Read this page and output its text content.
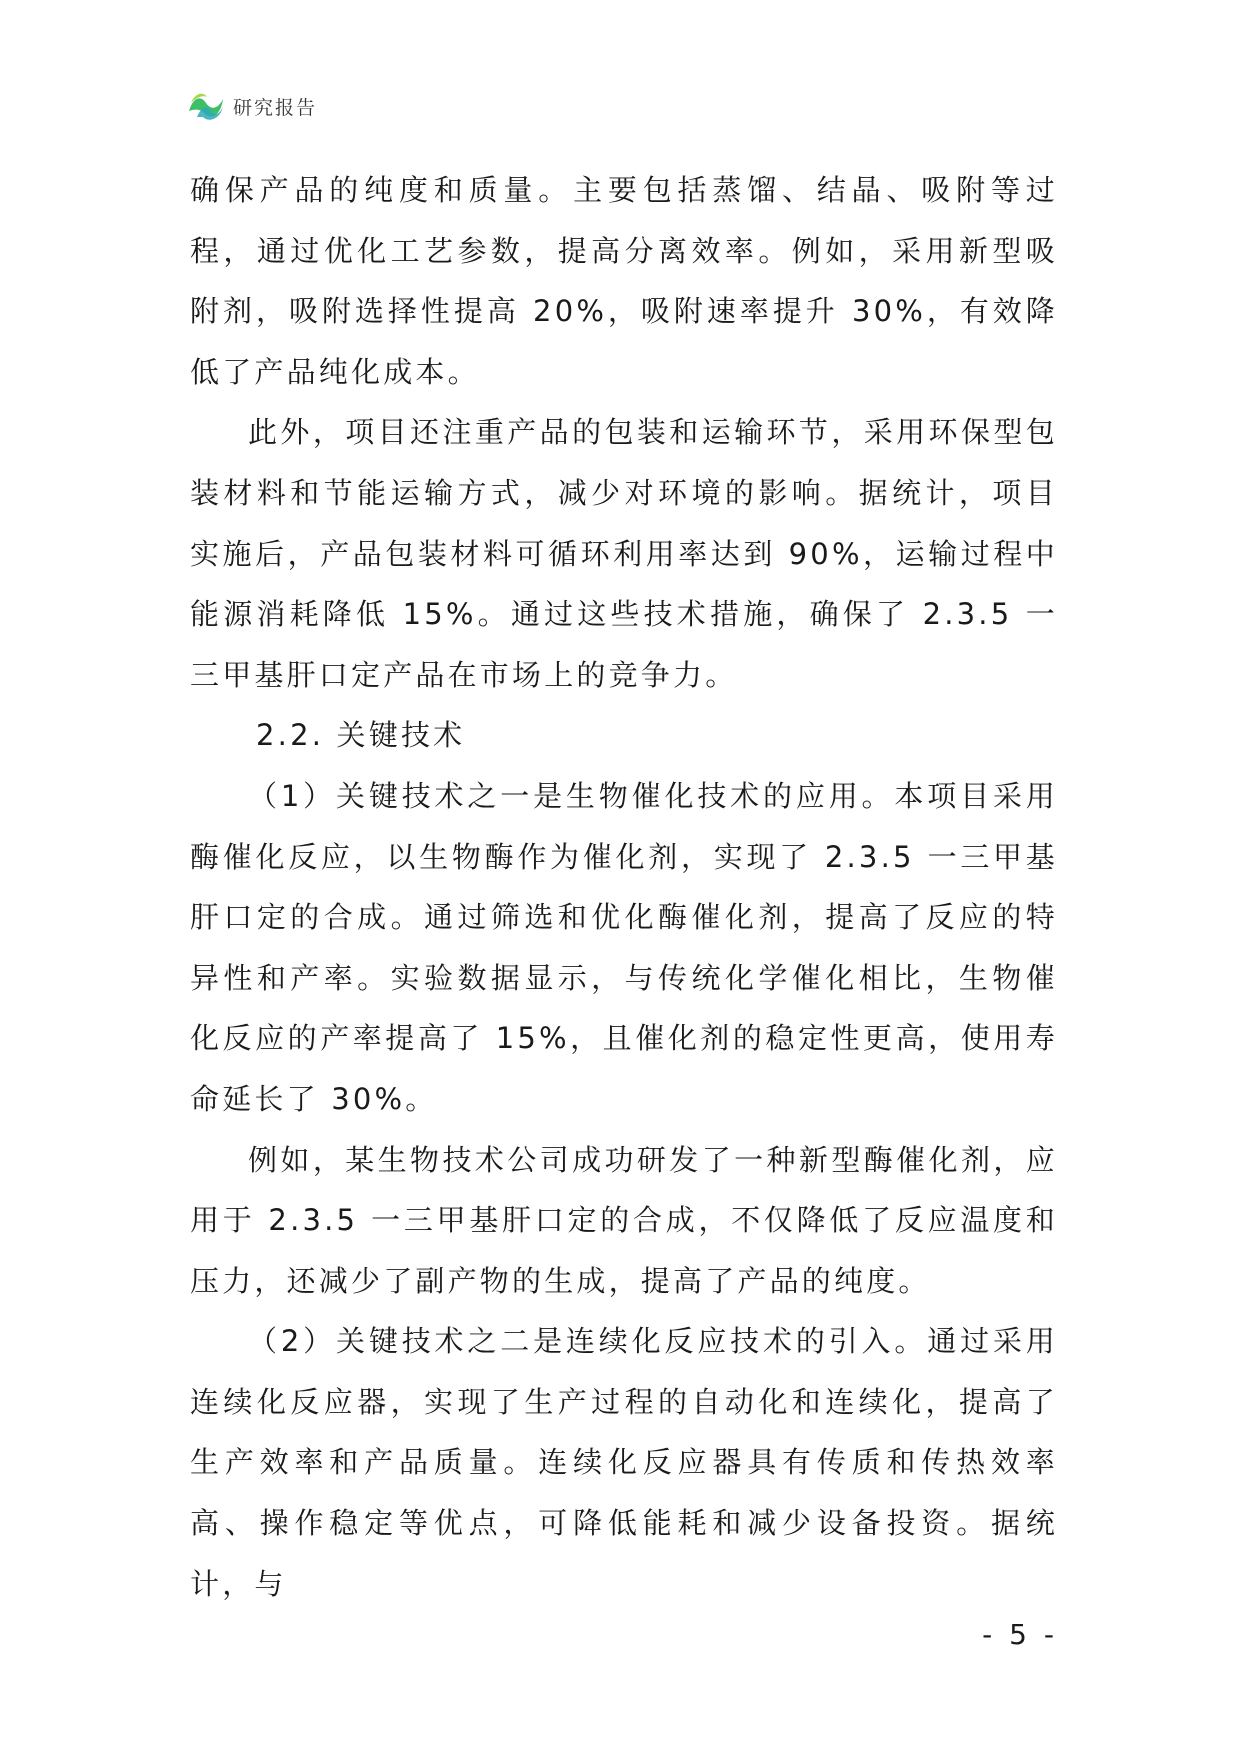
研究报告

确保产品的纯度和质量。主要包括蒸馏、结晶、吸附等过程，通过优化工艺参数，提高分离效率。例如，采用新型吸附剂，吸附选择性提高 20%，吸附速率提升 30%，有效降低了产品纯化成本。

此外，项目还注重产品的包装和运输环节，采用环保型包装材料和节能运输方式，减少对环境的影响。据统计，项目实施后，产品包装材料可循环利用率达到 90%，运输过程中能源消耗降低 15%。通过这些技术措施，确保了 2.3.5 一三甲基肝口定产品在市场上的竞争力。

2.2. 关键技术

（1）关键技术之一是生物催化技术的应用。本项目采用酶催化反应，以生物酶作为催化剂，实现了 2.3.5 一三甲基肝口定的合成。通过筛选和优化酶催化剂，提高了反应的特异性和产率。实验数据显示，与传统化学催化相比，生物催化反应的产率提高了 15%，且催化剂的稳定性更高，使用寿命延长了 30%。

例如，某生物技术公司成功研发了一种新型酶催化剂，应用于 2.3.5 一三甲基肝口定的合成，不仅降低了反应温度和压力，还减少了副产物的生成，提高了产品的纯度。

（2）关键技术之二是连续化反应技术的引入。通过采用连续化反应器，实现了生产过程的自动化和连续化，提高了生产效率和产品质量。连续化反应器具有传质和传热效率高、操作稳定等优点，可降低能耗和减少设备投资。据统计，与

- 5 -
